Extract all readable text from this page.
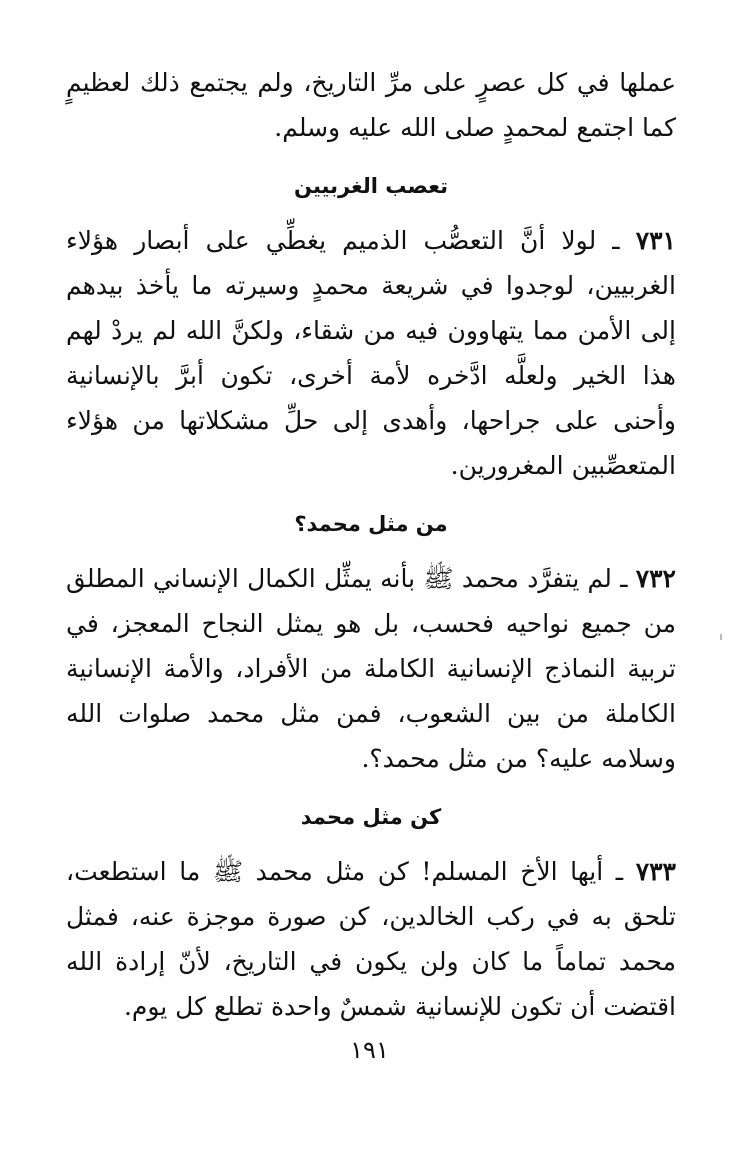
عملها في كل عصرٍ على مرِّ التاريخ، ولم يجتمع ذلك لعظيمٍ كما اجتمع لمحمدٍ صلى الله عليه وسلم.

تعصب الغربيين

٧٣١ ـ لولا أنَّ التعصُّب الذميم يغطِّي على أبصار هؤلاء الغربيين، لوجدوا في شريعة محمدٍ وسيرته ما يأخذ بيدهم إلى الأمن مما يتهاوون فيه من شقاء، ولكنَّ الله لم يردْ لهم هذا الخير ولعلَّه ادَّخره لأمة أخرى، تكون أبرَّ بالإنسانية وأحنى على جراحها، وأهدى إلى حلِّ مشكلاتها من هؤلاء المتعصِّبين المغرورين.

من مثل محمد؟

٧٣٢ ـ لم يتفرَّد محمد ﷺ بأنه يمثِّل الكمال الإنساني المطلق من جميع نواحيه فحسب، بل هو يمثل النجاح المعجز، في تربية النماذج الإنسانية الكاملة من الأفراد، والأمة الإنسانية الكاملة من بين الشعوب، فمن مثل محمد صلوات الله وسلامه عليه؟ من مثل محمد؟.

كن مثل محمد

٧٣٣ ـ أيها الأخ المسلم! كن مثل محمد ﷺ ما استطعت، تلحق به في ركب الخالدين، كن صورة موجزة عنه، فمثل محمد تماماً ما كان ولن يكون في التاريخ، لأنّ إرادة الله اقتضت أن تكون للإنسانية شمسٌ واحدة تطلع كل يوم.

١٩١
